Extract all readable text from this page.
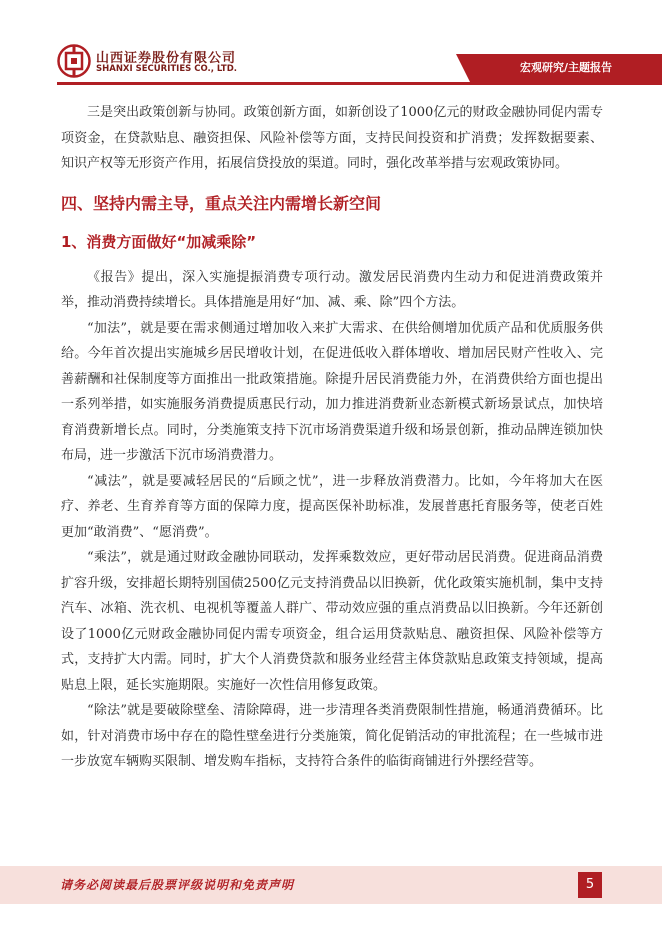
山西证券股份有限公司
SHANXI SECURITIES CO., LTD.	宏观研究/主题报告

三是突出政策创新与协同。政策创新方面，如新创设了1000亿元的财政金融协同促内需专项资金，在贷款贴息、融资担保、风险补偿等方面，支持民间投资和扩消费；发挥数据要素、知识产权等无形资产作用，拓展信贷投放的渠道。同时，强化改革举措与宏观政策协同。

四、坚持内需主导，重点关注内需增长新空间
1、消费方面做好“加减乘除”

《报告》提出，深入实施提振消费专项行动。激发居民消费内生动力和促进消费政策并举，推动消费持续增长。具体措施是用好“加、减、乘、除”四个方法。

“加法”，就是要在需求侧通过增加收入来扩大需求、在供给侧增加优质产品和优质服务供给。今年首次提出实施城乡居民增收计划，在促进低收入群体增收、增加居民财产性收入、完善薪酬和社保制度等方面推出一批政策措施。除提升居民消费能力外，在消费供给方面也提出一系列举措，如实施服务消费提质惠民行动，加力推进消费新业态新模式新场景试点，加快培育消费新增长点。同时，分类施策支持下沉市场消费渠道升级和场景创新，推动品牌连锁加快布局，进一步激活下沉市场消费潜力。

“减法”，就是要减轻居民的“后顾之忧”，进一步释放消费潜力。比如，今年将加大在医疗、养老、生育养育等方面的保障力度，提高医保补助标准，发展普惠托育服务等，使老百姓更加“敢消费”、“愿消费”。

“乘法”，就是通过财政金融协同联动，发挥乘数效应，更好带动居民消费。促进商品消费扩容升级，安排超长期特别国债2500亿元支持消费品以旧换新，优化政策实施机制，集中支持汽车、冰箱、洗衣机、电视机等覆盖人群广、带动效应强的重点消费品以旧换新。今年还新创设了1000亿元财政金融协同促内需专项资金，组合运用贷款贴息、融资担保、风险补偿等方式，支持扩大内需。同时，扩大个人消费贷款和服务业经营主体贷款贴息政策支持领域，提高贴息上限，延长实施期限。实施好一次性信用修复政策。

“除法”就是要破除壁垒、清除障碍，进一步清理各类消费限制性措施，畅通消费循环。比如，针对消费市场中存在的隐性壁垒进行分类施策，简化促销活动的审批流程；在一些城市进一步放宽车辆购买限制、增发购车指标，支持符合条件的临街商铺进行外摆经营等。

请务必阅读最后股票评级说明和免责声明	5
